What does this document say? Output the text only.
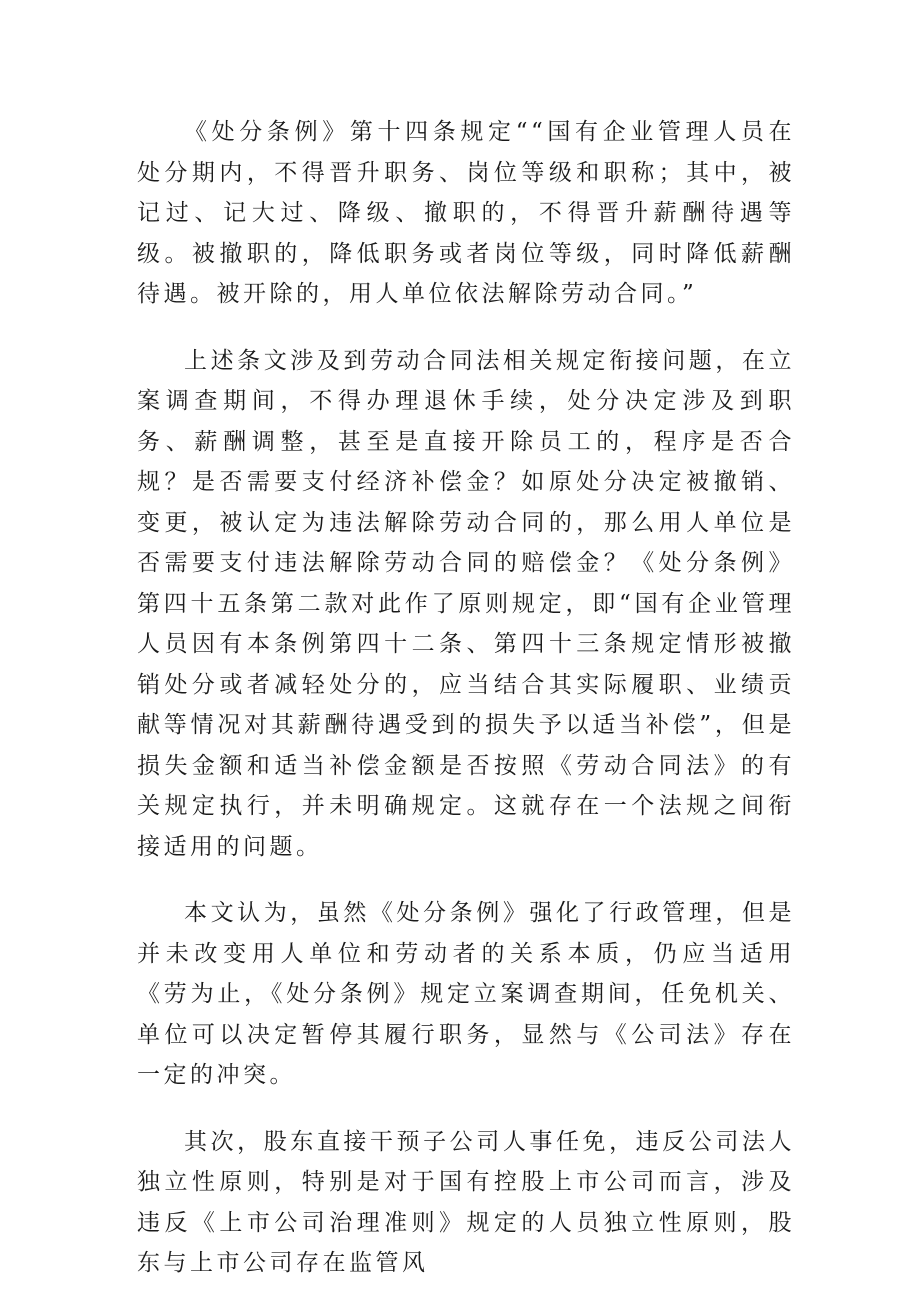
《处分条例》第十四条规定““国有企业管理人员在处分期内，不得晋升职务、岗位等级和职称；其中，被记过、记大过、降级、撤职的，不得晋升薪酬待遇等级。被撤职的，降低职务或者岗位等级，同时降低薪酬待遇。被开除的，用人单位依法解除劳动合同。”

上述条文涉及到劳动合同法相关规定衔接问题，在立案调查期间，不得办理退休手续，处分决定涉及到职务、薪酬调整，甚至是直接开除员工的，程序是否合规？是否需要支付经济补偿金？如原处分决定被撤销、变更，被认定为违法解除劳动合同的，那么用人单位是否需要支付违法解除劳动合同的赔偿金？《处分条例》第四十五条第二款对此作了原则规定，即“国有企业管理人员因有本条例第四十二条、第四十三条规定情形被撤销处分或者减轻处分的，应当结合其实际履职、业绩贡献等情况对其薪酬待遇受到的损失予以适当补偿”，但是损失金额和适当补偿金额是否按照《劳动合同法》的有关规定执行，并未明确规定。这就存在一个法规之间衔接适用的问题。

本文认为，虽然《处分条例》强化了行政管理，但是并未改变用人单位和劳动者的关系本质，仍应当适用《劳为止，《处分条例》规定立案调查期间，任免机关、单位可以决定暂停其履行职务，显然与《公司法》存在一定的冲突。

其次，股东直接干预子公司人事任免，违反公司法人独立性原则，特别是对于国有控股上市公司而言，涉及违反《上市公司治理准则》规定的人员独立性原则，股东与上市公司存在监管风
